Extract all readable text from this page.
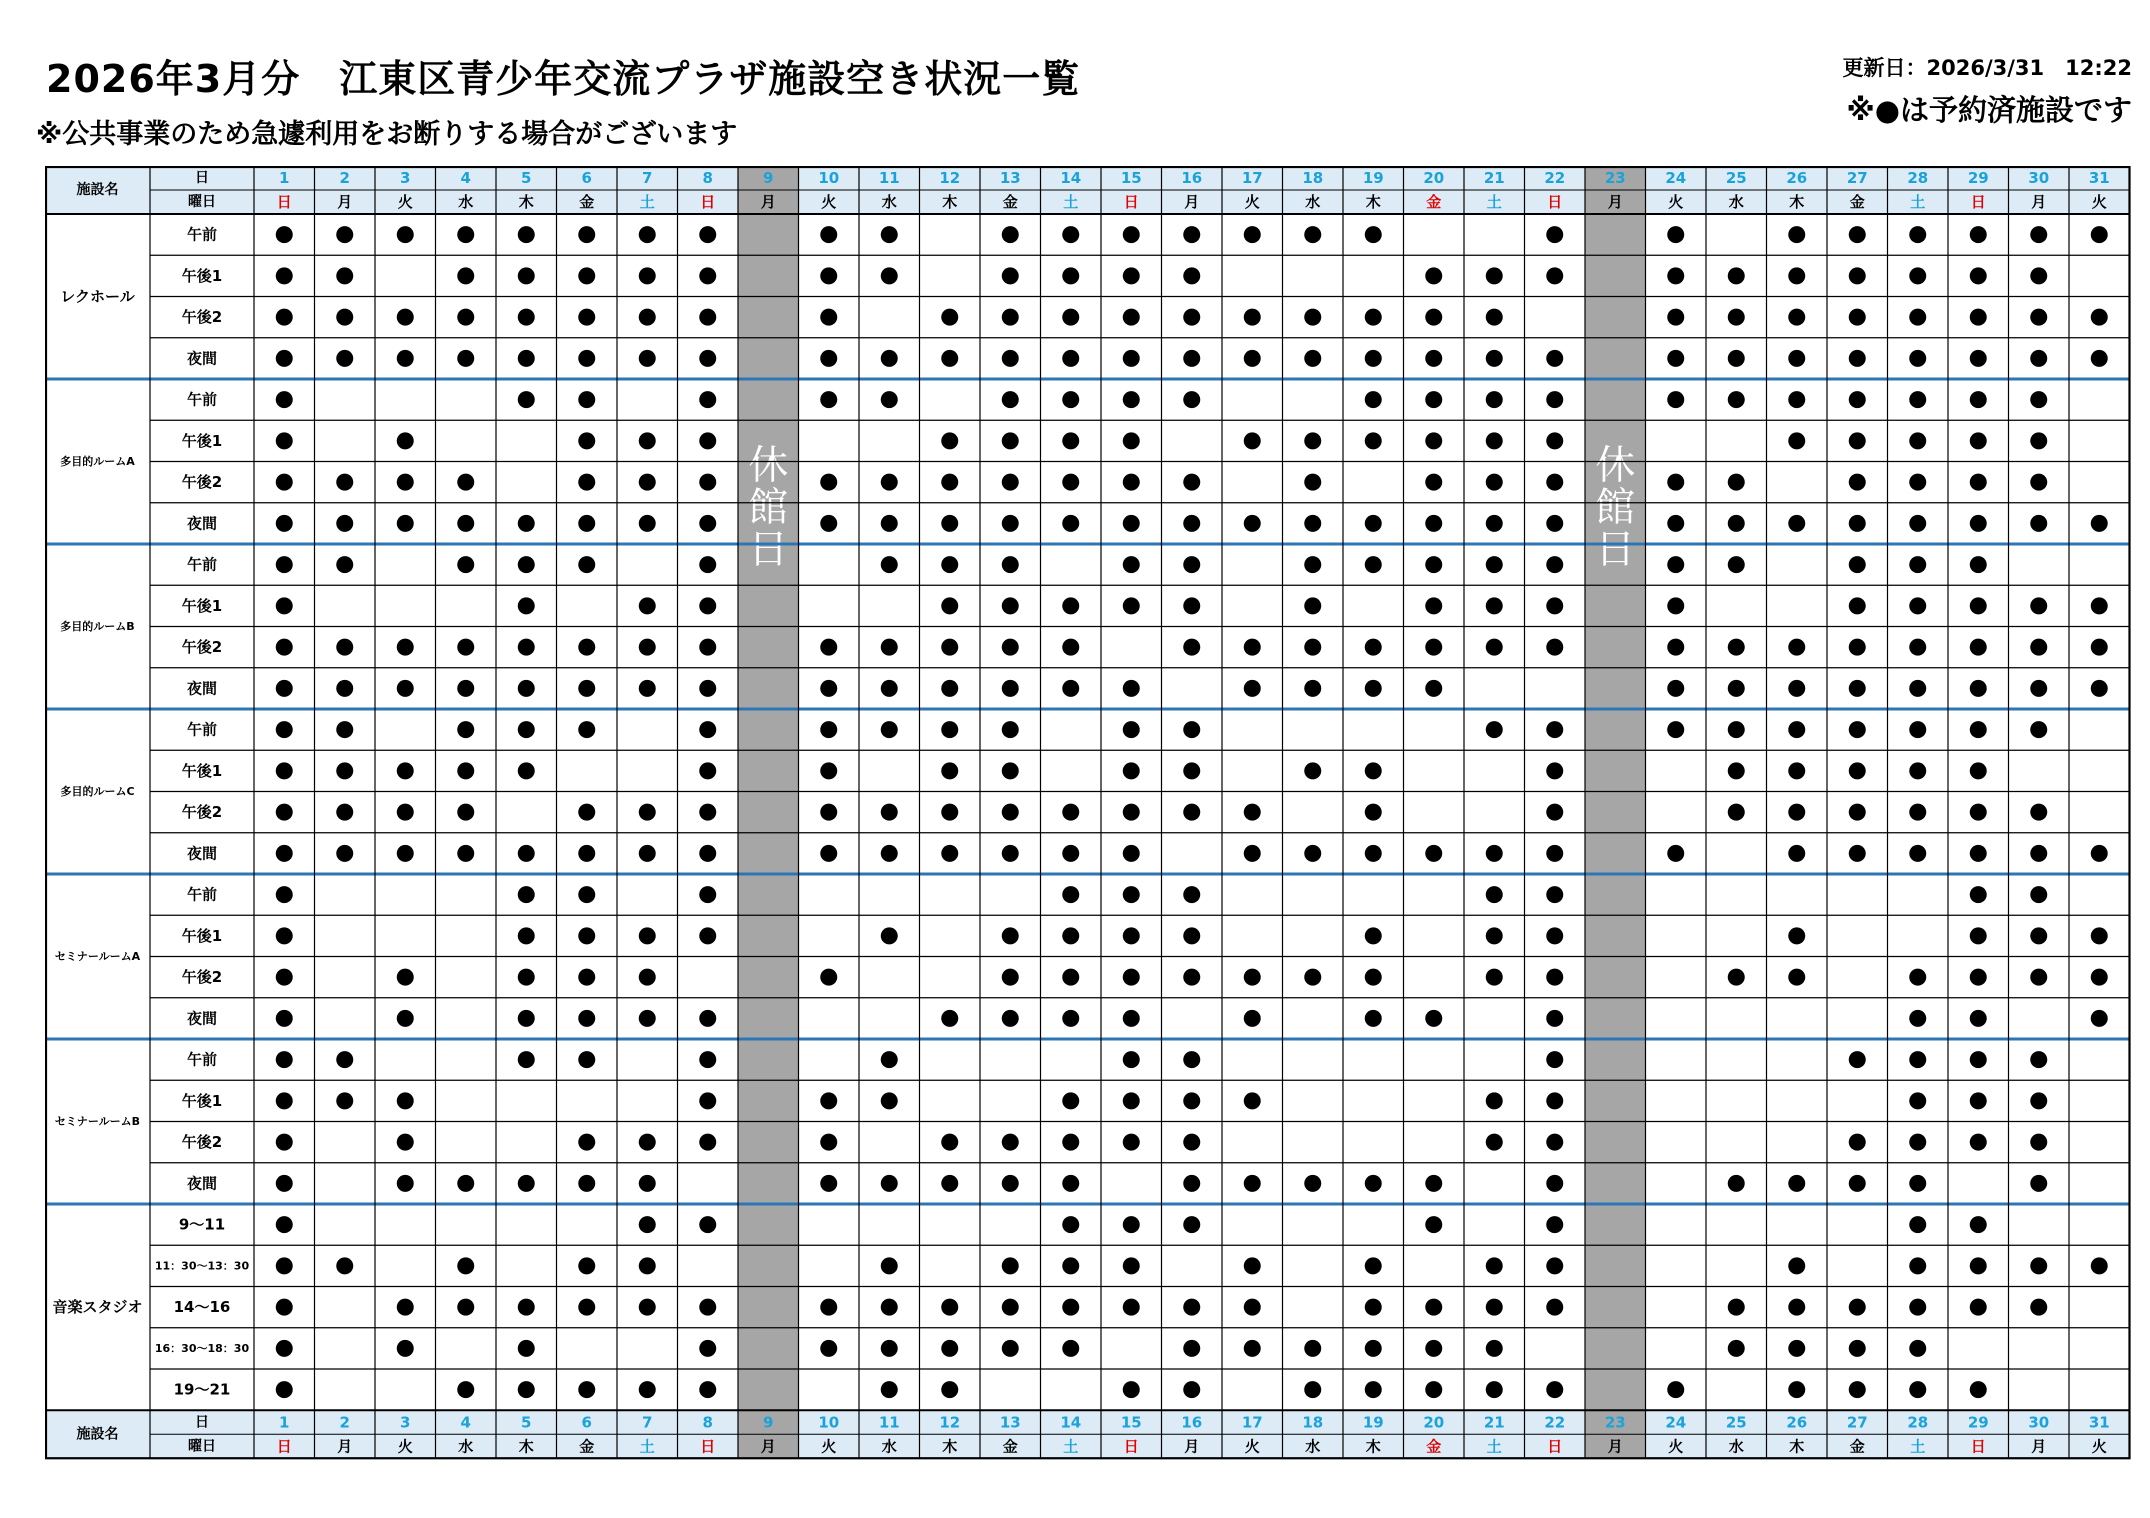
2026年3月分　江東区青少年交流プラザ施設空き状況一覧
※公共事業のため急遽利用をお断りする場合がございます
更新日：2026/3/31　12:22
※●は予約済施設です
施設名
日
曜日
1
日
2
月
3
火
4
水
5
木
6
金
7
土
8
日
9
月
10
火
11
水
12
木
13
金
14
土
15
日
16
月
17
火
18
水
19
木
20
金
21
土
22
日
23
月
24
火
25
水
26
木
27
金
28
土
29
日
30
月
31
火
施設名
日
曜日
1
日
2
月
3
火
4
水
5
木
6
金
7
土
8
日
9
月
10
火
11
水
12
木
13
金
14
土
15
日
16
月
17
火
18
水
19
木
20
金
21
土
22
日
23
月
24
火
25
水
26
木
27
金
28
土
29
日
30
月
31
火
休
館
日
休
館
日
レクホール
午前
午後1
午後2
夜間
多目的ルームA
午前
午後1
午後2
夜間
多目的ルームB
午前
午後1
午後2
夜間
多目的ルームC
午前
午後1
午後2
夜間
セミナールームA
午前
午後1
午後2
夜間
セミナールームB
午前
午後1
午後2
夜間
音楽スタジオ
9〜11
11：30〜13：30
14〜16
16：30〜18：30
19〜21
